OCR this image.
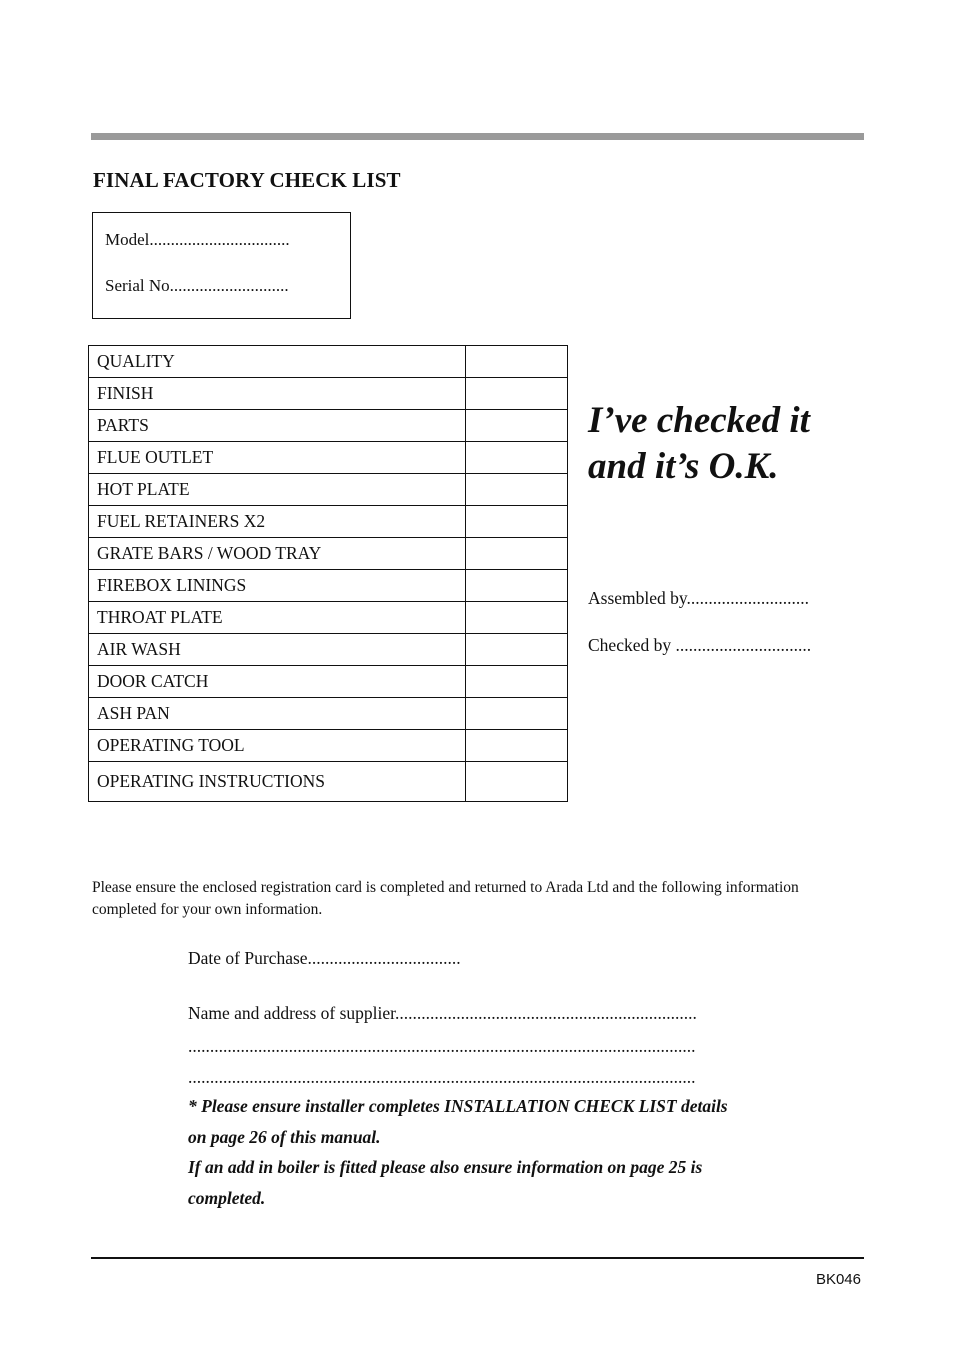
FINAL FACTORY CHECK LIST
Model.................................
Serial No............................
QUALITY	
FINISH	
PARTS	
FLUE OUTLET	
HOT PLATE	
FUEL RETAINERS X2	
GRATE BARS / WOOD TRAY	
FIREBOX LININGS	
THROAT PLATE	
AIR WASH	
DOOR CATCH	
ASH PAN	
OPERATING TOOL	
OPERATING INSTRUCTIONS	
I’ve checked it
and it’s O.K.
Assembled by............................
Checked by ...............................
Please ensure the enclosed registration card is completed and returned to Arada Ltd and the following information completed for your own information.
Date of Purchase...................................
Name and address of supplier.....................................................................
....................................................................................................................
....................................................................................................................
* Please ensure installer completes INSTALLATION CHECK LIST details
on page 26 of this manual.
If an add in boiler is fitted please also ensure information on page 25 is
completed.
BK046
